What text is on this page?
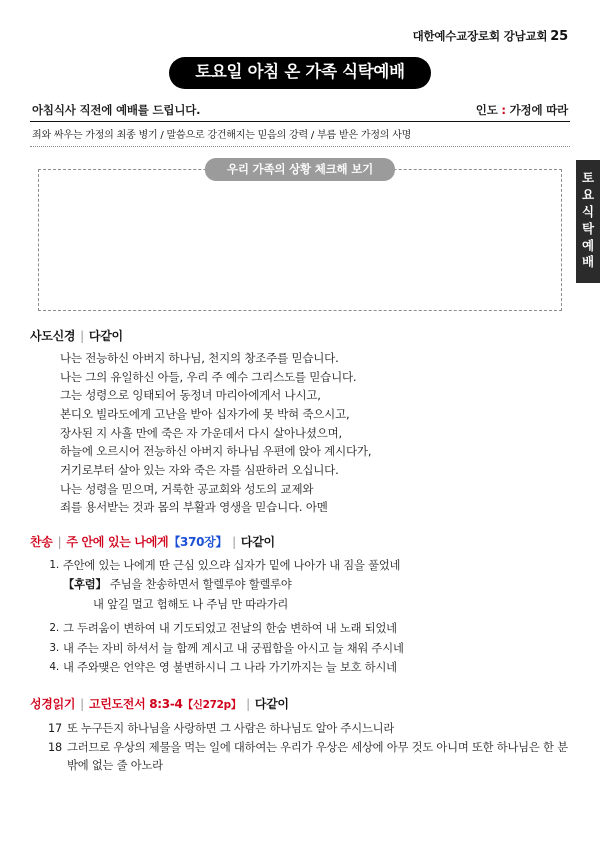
대한예수교장로회 강남교회 25
토요일 아침 온 가족 식탁예배
아침식사 직전에 예배를 드립니다.	인도 : 가정에 따라
죄와 싸우는 가정의 최종 병기 / 말씀으로 강건해지는 믿음의 강력 / 부름 받은 가정의 사명
우리 가족의 상황 체크해 보기
토
요
식
탁
예
배
사도신경 | 다같이
나는 전능하신 아버지 하나님, 천지의 창조주를 믿습니다.
나는 그의 유일하신 아들, 우리 주 예수 그리스도를 믿습니다.
그는 성령으로 잉태되어 동정녀 마리아에게서 나시고,
본디오 빌라도에게 고난을 받아 십자가에 못 박혀 죽으시고,
장사된 지 사흘 만에 죽은 자 가운데서 다시 살아나셨으며,
하늘에 오르시어 전능하신 아버지 하나님 우편에 앉아 계시다가,
거기로부터 살아 있는 자와 죽은 자를 심판하러 오십니다.
나는 성령을 믿으며, 거룩한 공교회와 성도의 교제와
죄를 용서받는 것과 몸의 부활과 영생을 믿습니다. 아멘
찬송 | 주 안에 있는 나에게 【370장】 | 다같이
1. 주안에 있는 나에게 딴 근심 있으랴 십자가 밑에 나아가 내 짐을 풀었네
【후렴】 주님을 찬송하면서 할렐루야 할렐루야
내 앞길 멀고 험해도 나 주님 만 따라가리
2. 그 두려움이 변하여 내 기도되었고 전날의 한숨 변하여 내 노래 되었네
3. 내 주는 자비 하셔서 늘 함께 계시고 내 궁핍함을 아시고 늘 채워 주시네
4. 내 주와맺은 언약은 영 불변하시니 그 나라 가기까지는 늘 보호 하시네
성경읽기 | 고린도전서 8:3-4 【신272p】 | 다같이
17 또 누구든지 하나님을 사랑하면 그 사람은 하나님도 알아 주시느니라
18 그러므로 우상의 제물을 먹는 일에 대하여는 우리가 우상은 세상에 아무 것도 아니며 또한 하나님은 한 분밖에 없는 줄 아노라
